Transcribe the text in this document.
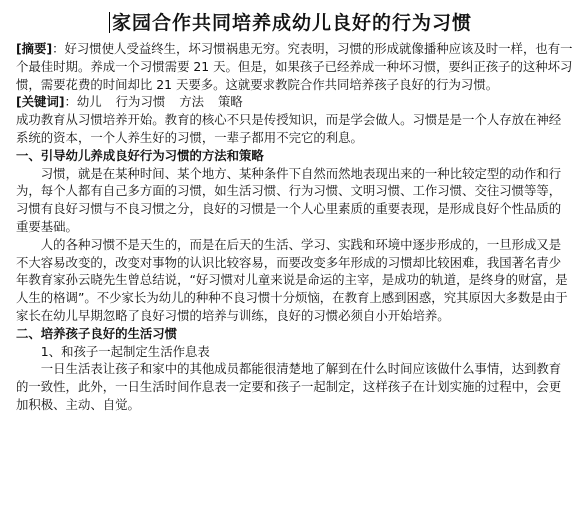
家园合作共同培养成幼儿良好的行为习惯

[摘要]：好习惯使人受益终生，坏习惯祸患无穷。究表明，习惯的形成就像播种应该及时一样，也有一个最佳时期。养成一个习惯需要 21 天。但是，如果孩子已经养成一种坏习惯，要纠正孩子的这种坏习惯，需要花费的时间却比 21 天要多。这就要求教院合作共同培养孩子良好的行为习惯。

[关键词]：幼儿 行为习惯 方法 策略

成功教育从习惯培养开始。教育的核心不只是传授知识，而是学会做人。习惯是是一个人存放在神经系统的资本，一个人养生好的习惯，一辈子都用不完它的利息。

一、引导幼儿养成良好行为习惯的方法和策略

习惯，就是在某种时间、某个地方、某种条件下自然而然地表现出来的一种比较定型的动作和行为，每个人都有自己多方面的习惯，如生活习惯、行为习惯、文明习惯、工作习惯、交往习惯等等，习惯有良好习惯与不良习惯之分，良好的习惯是一个人心里素质的重要表现，是形成良好个性品质的重要基础。

人的各种习惯不是天生的，而是在后天的生活、学习、实践和环境中逐步形成的，一旦形成又是不大容易改变的，改变对事物的认识比较容易，而要改变多年形成的习惯却比较困难，我国著名青少年教育家孙云晓先生曾总结说，“好习惯对儿童来说是命运的主宰，是成功的轨道，是终身的财富，是人生的格调”。不少家长为幼儿的种种不良习惯十分烦恼，在教育上感到困惑，究其原因大多数是由于家长在幼儿早期忽略了良好习惯的培养与训练，良好的习惯必须自小开始培养。

二、培养孩子良好的生活习惯

1、和孩子一起制定生活作息表

一日生活表让孩子和家中的其他成员都能很清楚地了解到在什么时间应该做什么事情，达到教育的一致性，此外，一日生活时间作息表一定要和孩子一起制定，这样孩子在计划实施的过程中，会更加积极、主动、自觉。
